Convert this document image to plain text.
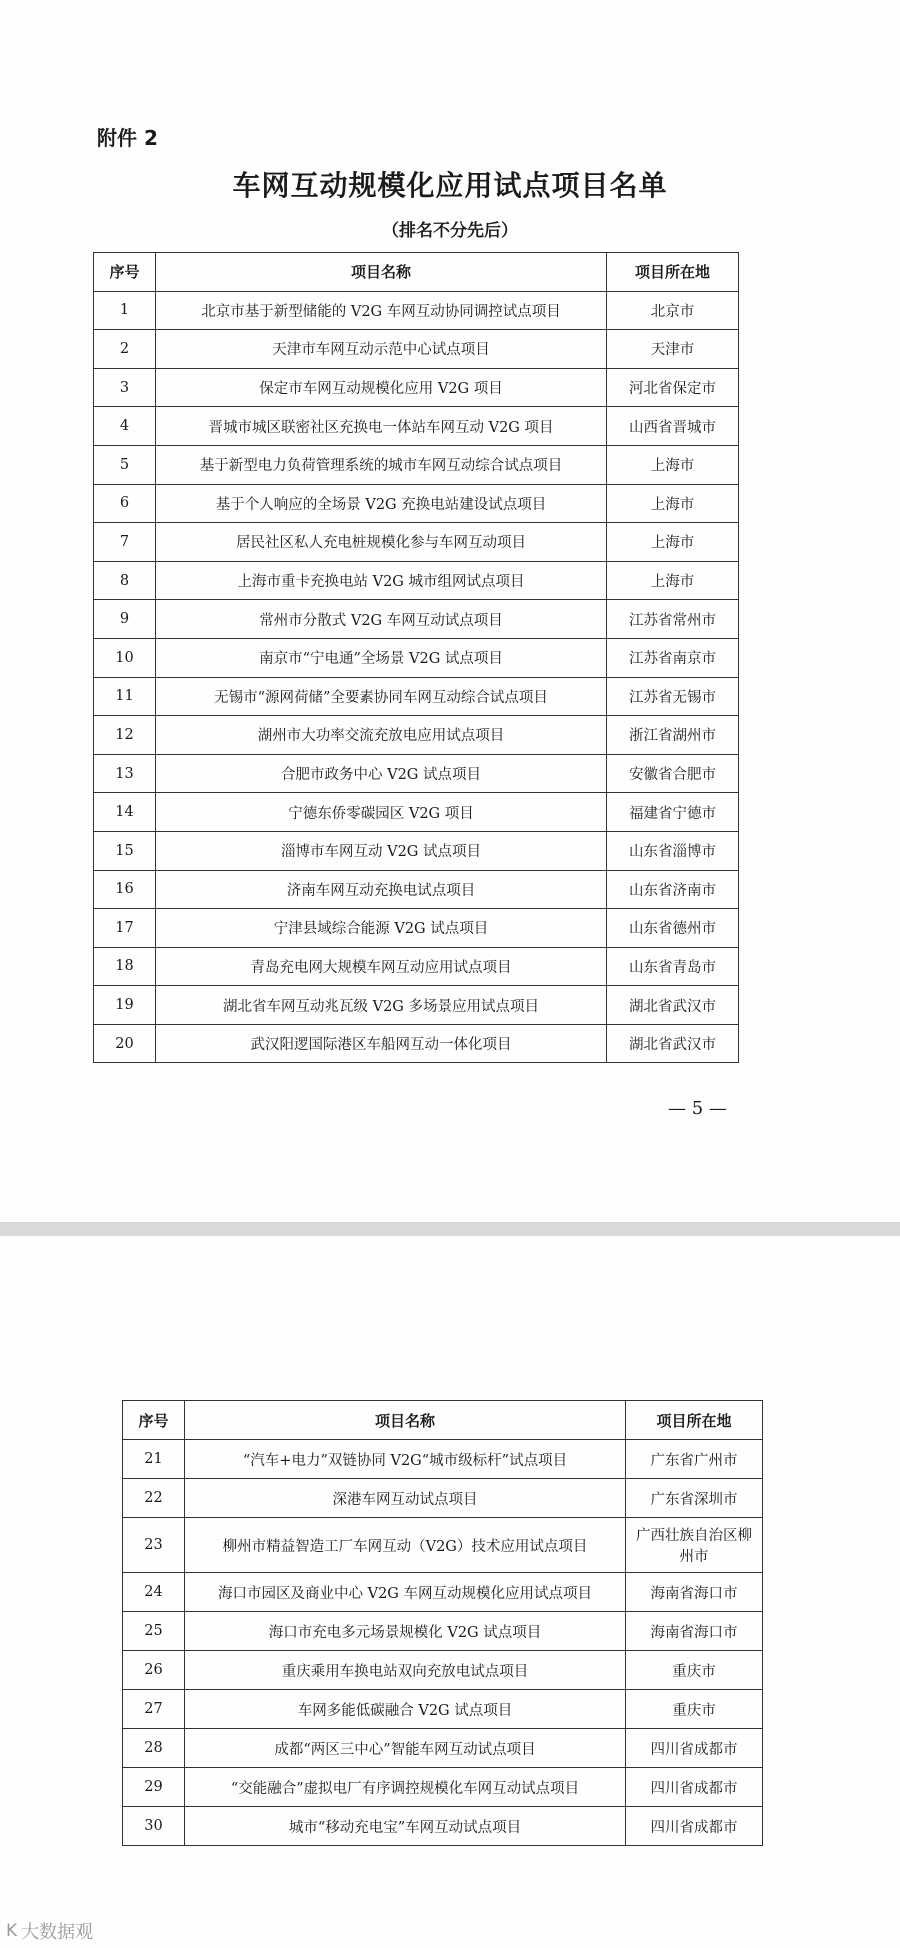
附件 2
车网互动规模化应用试点项目名单
（排名不分先后）
序号	项目名称	项目所在地
1	北京市基于新型储能的 V2G 车网互动协同调控试点项目	北京市
2	天津市车网互动示范中心试点项目	天津市
3	保定市车网互动规模化应用 V2G 项目	河北省保定市
4	晋城市城区联密社区充换电一体站车网互动 V2G 项目	山西省晋城市
5	基于新型电力负荷管理系统的城市车网互动综合试点项目	上海市
6	基于个人响应的全场景 V2G 充换电站建设试点项目	上海市
7	居民社区私人充电桩规模化参与车网互动项目	上海市
8	上海市重卡充换电站 V2G 城市组网试点项目	上海市
9	常州市分散式 V2G 车网互动试点项目	江苏省常州市
10	南京市“宁电通”全场景 V2G 试点项目	江苏省南京市
11	无锡市“源网荷储”全要素协同车网互动综合试点项目	江苏省无锡市
12	湖州市大功率交流充放电应用试点项目	浙江省湖州市
13	合肥市政务中心 V2G 试点项目	安徽省合肥市
14	宁德东侨零碳园区 V2G 项目	福建省宁德市
15	淄博市车网互动 V2G 试点项目	山东省淄博市
16	济南车网互动充换电试点项目	山东省济南市
17	宁津县域综合能源 V2G 试点项目	山东省德州市
18	青岛充电网大规模车网互动应用试点项目	山东省青岛市
19	湖北省车网互动兆瓦级 V2G 多场景应用试点项目	湖北省武汉市
20	武汉阳逻国际港区车船网互动一体化项目	湖北省武汉市
— 5 —
序号	项目名称	项目所在地
21	“汽车+电力”双链协同 V2G“城市级标杆”试点项目	广东省广州市
22	深港车网互动试点项目	广东省深圳市
23	柳州市精益智造工厂车网互动（V2G）技术应用试点项目	广西壮族自治区柳州市
24	海口市园区及商业中心 V2G 车网互动规模化应用试点项目	海南省海口市
25	海口市充电多元场景规模化 V2G 试点项目	海南省海口市
26	重庆乘用车换电站双向充放电试点项目	重庆市
27	车网多能低碳融合 V2G 试点项目	重庆市
28	成都“两区三中心”智能车网互动试点项目	四川省成都市
29	“交能融合”虚拟电厂有序调控规模化车网互动试点项目	四川省成都市
30	城市“移动充电宝”车网互动试点项目	四川省成都市
K 大数据观
